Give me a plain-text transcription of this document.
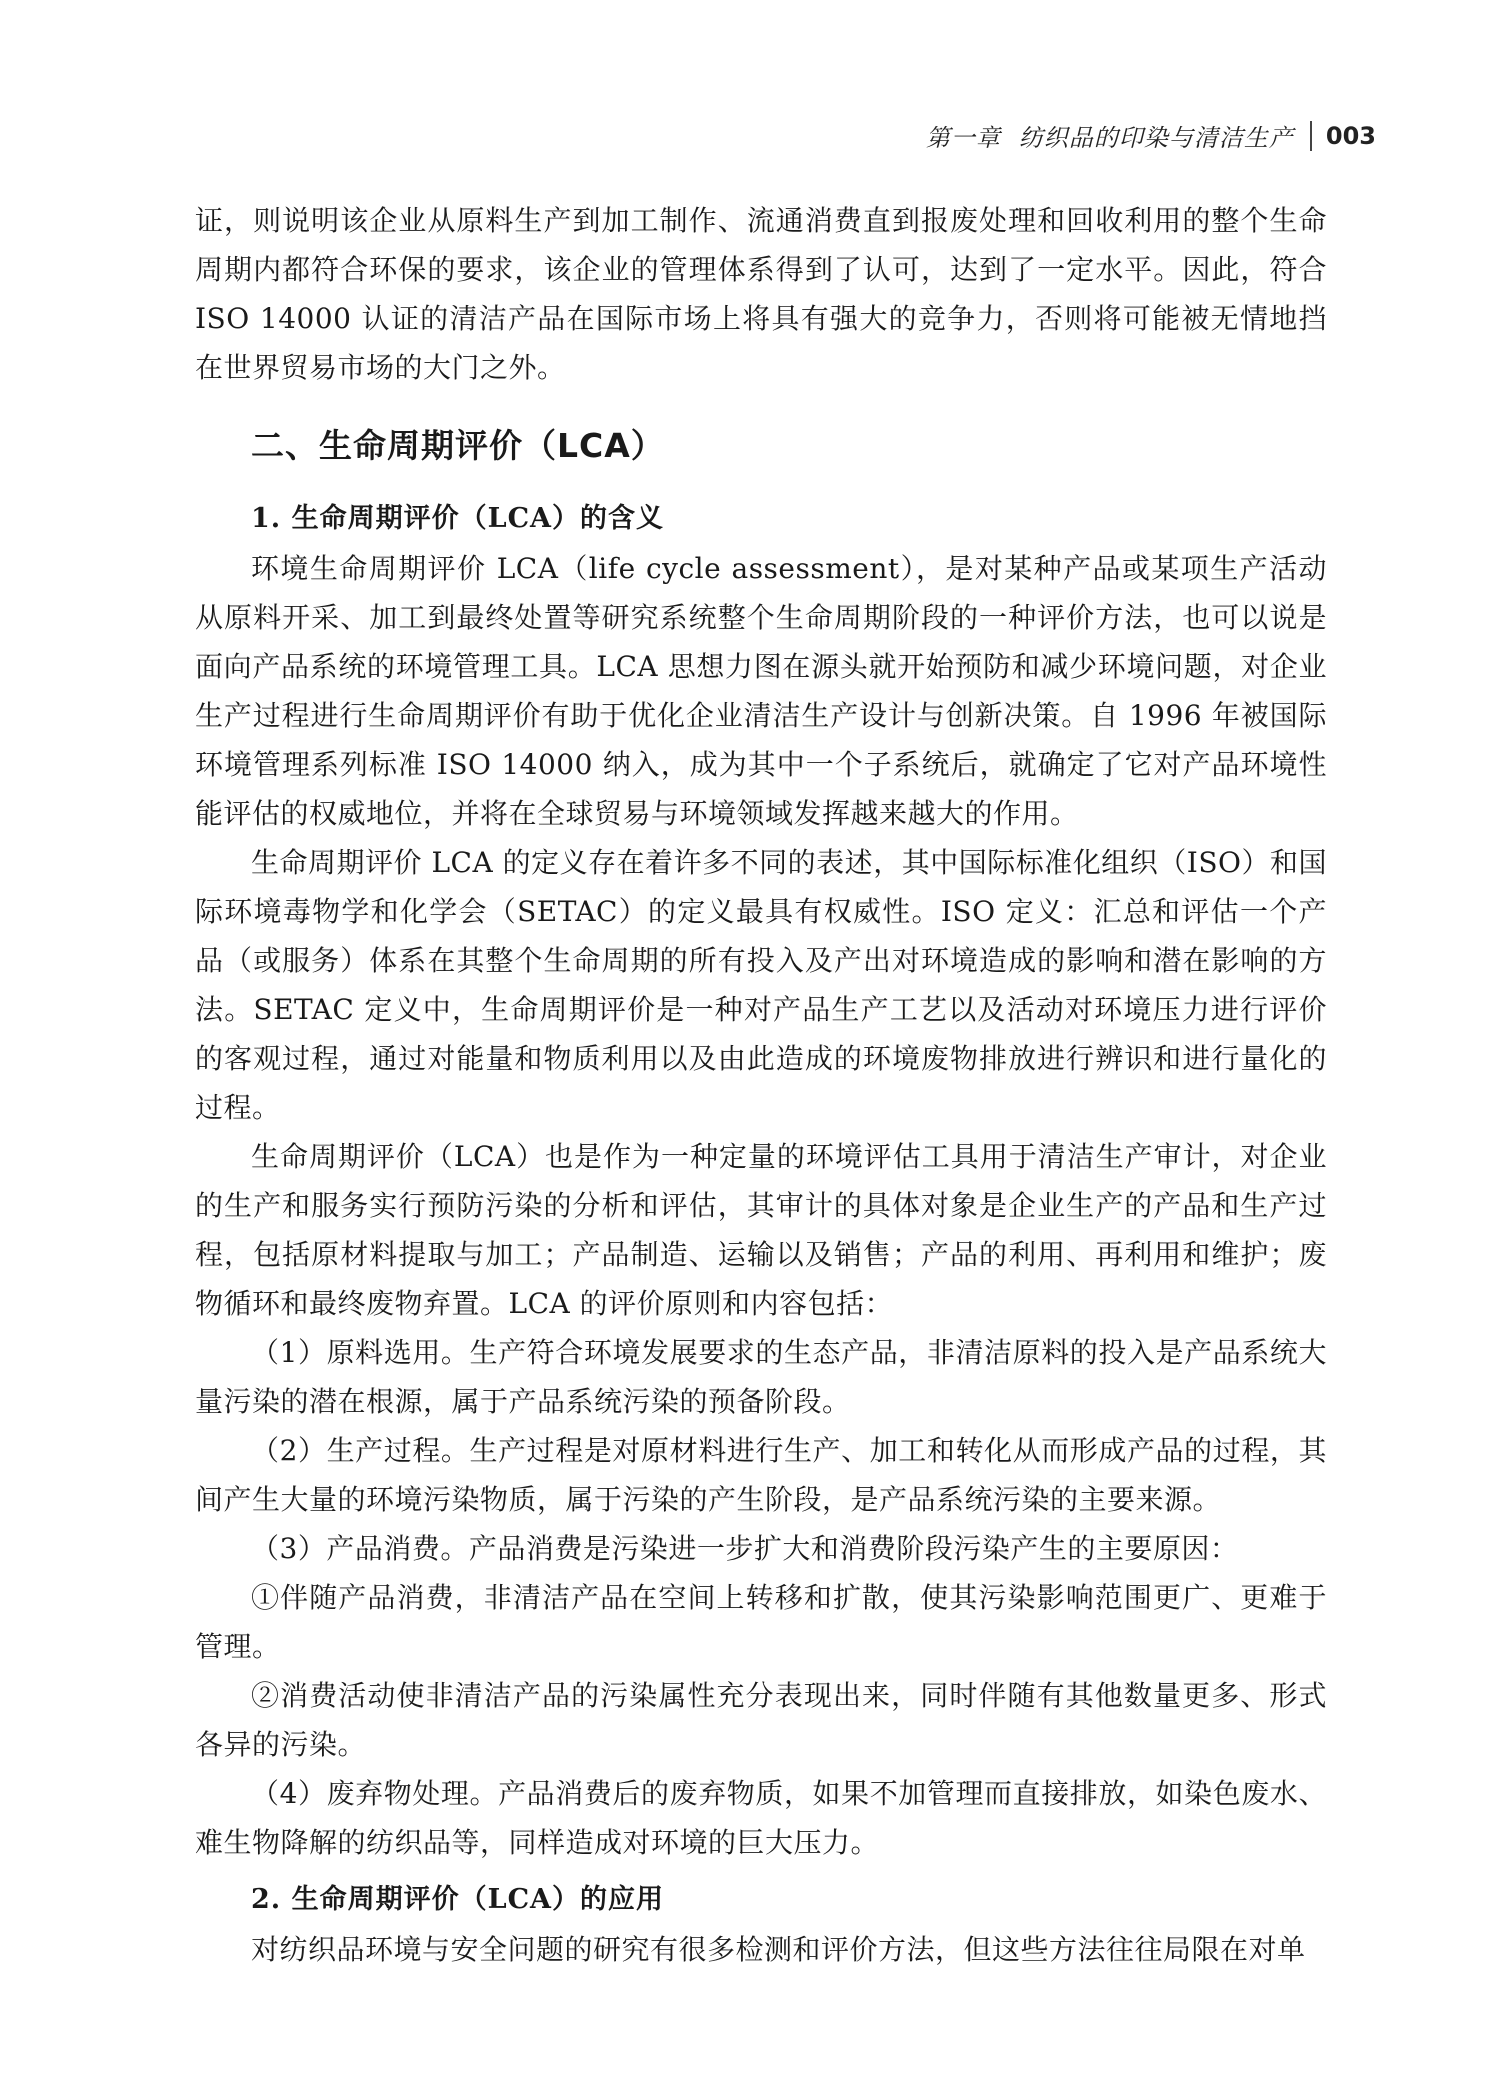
第一章 纺织品的印染与清洁生产 003

证，则说明该企业从原料生产到加工制作、流通消费直到报废处理和回收利用的整个生命周期内都符合环保的要求，该企业的管理体系得到了认可，达到了一定水平。因此，符合ISO 14000 认证的清洁产品在国际市场上将具有强大的竞争力，否则将可能被无情地挡在世界贸易市场的大门之外。

二、生命周期评价（LCA）
1. 生命周期评价（LCA）的含义

环境生命周期评价 LCA（life cycle assessment），是对某种产品或某项生产活动从原料开采、加工到最终处置等研究系统整个生命周期阶段的一种评价方法，也可以说是面向产品系统的环境管理工具。LCA 思想力图在源头就开始预防和减少环境问题，对企业生产过程进行生命周期评价有助于优化企业清洁生产设计与创新决策。自 1996 年被国际环境管理系列标准 ISO 14000 纳入，成为其中一个子系统后，就确定了它对产品环境性能评估的权威地位，并将在全球贸易与环境领域发挥越来越大的作用。

生命周期评价 LCA 的定义存在着许多不同的表述，其中国际标准化组织（ISO）和国际环境毒物学和化学会（SETAC）的定义最具有权威性。ISO 定义：汇总和评估一个产品（或服务）体系在其整个生命周期的所有投入及产出对环境造成的影响和潜在影响的方法。SETAC 定义中，生命周期评价是一种对产品生产工艺以及活动对环境压力进行评价的客观过程，通过对能量和物质利用以及由此造成的环境废物排放进行辨识和进行量化的过程。

生命周期评价（LCA）也是作为一种定量的环境评估工具用于清洁生产审计，对企业的生产和服务实行预防污染的分析和评估，其审计的具体对象是企业生产的产品和生产过程，包括原材料提取与加工；产品制造、运输以及销售；产品的利用、再利用和维护；废物循环和最终废物弃置。LCA 的评价原则和内容包括：

（1）原料选用。生产符合环境发展要求的生态产品，非清洁原料的投入是产品系统大量污染的潜在根源，属于产品系统污染的预备阶段。

（2）生产过程。生产过程是对原材料进行生产、加工和转化从而形成产品的过程，其间产生大量的环境污染物质，属于污染的产生阶段，是产品系统污染的主要来源。

（3）产品消费。产品消费是污染进一步扩大和消费阶段污染产生的主要原因：

①伴随产品消费，非清洁产品在空间上转移和扩散，使其污染影响范围更广、更难于管理。

②消费活动使非清洁产品的污染属性充分表现出来，同时伴随有其他数量更多、形式各异的污染。

（4）废弃物处理。产品消费后的废弃物质，如果不加管理而直接排放，如染色废水、难生物降解的纺织品等，同样造成对环境的巨大压力。

2. 生命周期评价（LCA）的应用

对纺织品环境与安全问题的研究有很多检测和评价方法，但这些方法往往局限在对单
